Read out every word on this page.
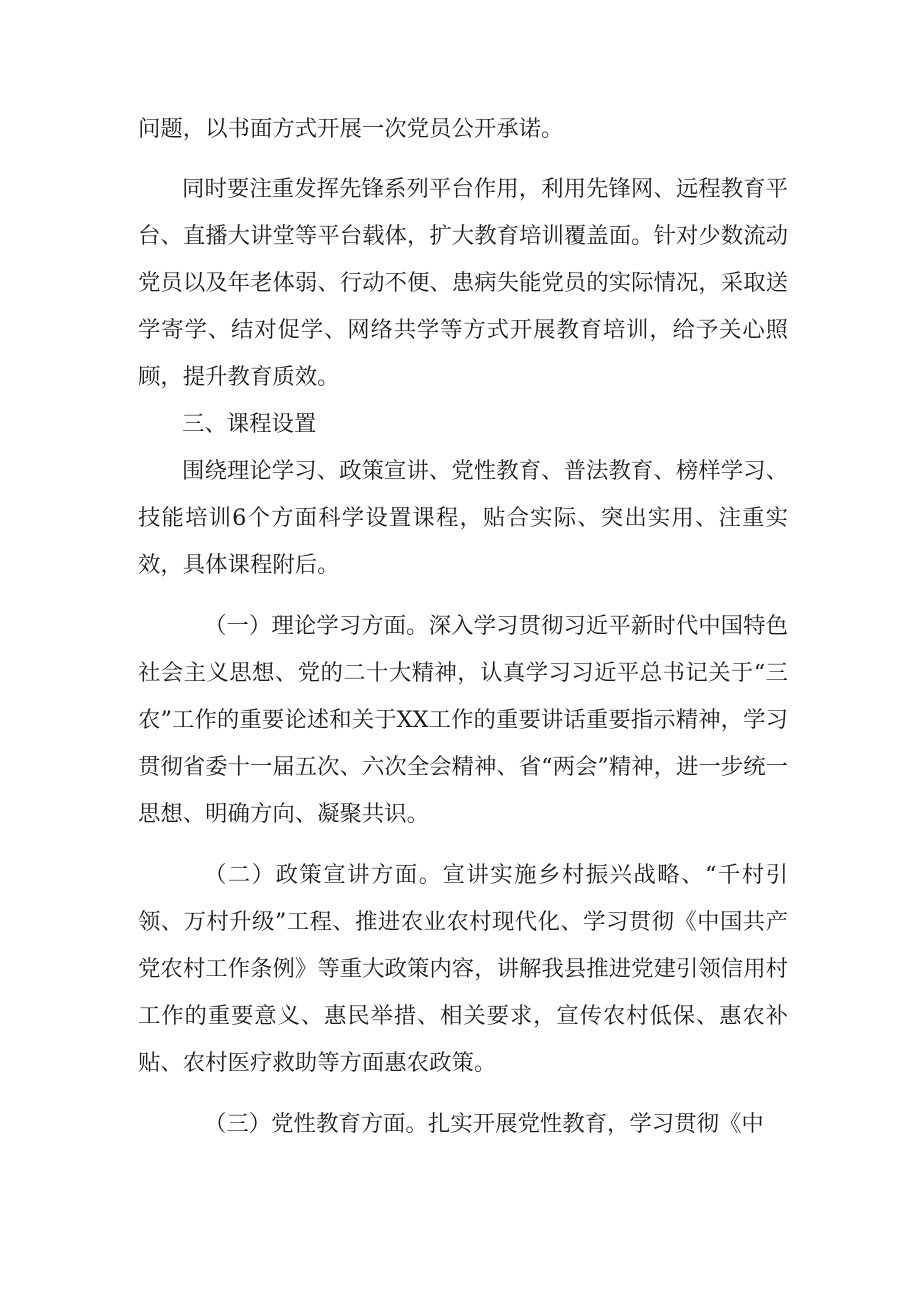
问题，以书面方式开展一次党员公开承诺。

同时要注重发挥先锋系列平台作用，利用先锋网、远程教育平台、直播大讲堂等平台载体，扩大教育培训覆盖面。针对少数流动党员以及年老体弱、行动不便、患病失能党员的实际情况，采取送学寄学、结对促学、网络共学等方式开展教育培训，给予关心照顾，提升教育质效。

三、课程设置

围绕理论学习、政策宣讲、党性教育、普法教育、榜样学习、技能培训6个方面科学设置课程，贴合实际、突出实用、注重实效，具体课程附后。

（一）理论学习方面。深入学习贯彻习近平新时代中国特色社会主义思想、党的二十大精神，认真学习习近平总书记关于“三农”工作的重要论述和关于XX工作的重要讲话重要指示精神，学习贯彻省委十一届五次、六次全会精神、省“两会”精神，进一步统一思想、明确方向、凝聚共识。

（二）政策宣讲方面。宣讲实施乡村振兴战略、“千村引领、万村升级”工程、推进农业农村现代化、学习贯彻《中国共产党农村工作条例》等重大政策内容，讲解我县推进党建引领信用村工作的重要意义、惠民举措、相关要求，宣传农村低保、惠农补贴、农村医疗救助等方面惠农政策。

（三）党性教育方面。扎实开展党性教育，学习贯彻《中
